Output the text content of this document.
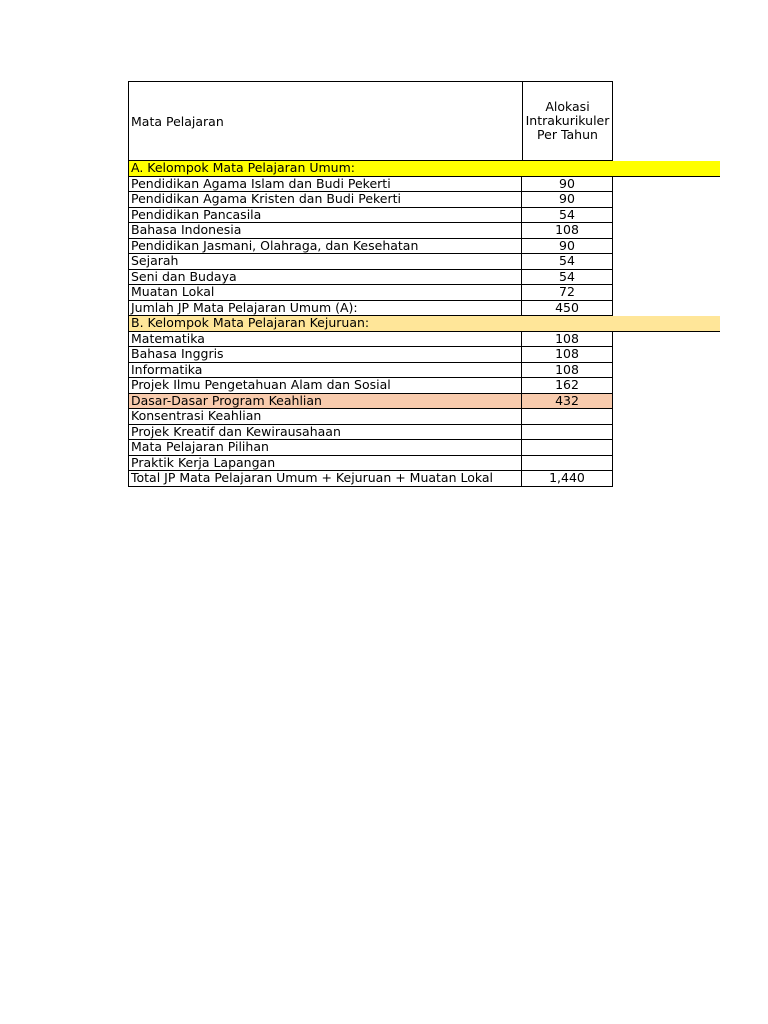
Mata Pelajaran
Alokasi
Intrakurikuler
Per Tahun
A. Kelompok Mata Pelajaran Umum:
Pendidikan Agama Islam dan Budi Pekerti	90
Pendidikan Agama Kristen dan Budi Pekerti	90
Pendidikan Pancasila	54
Bahasa Indonesia	108
Pendidikan Jasmani, Olahraga, dan Kesehatan	90
Sejarah	54
Seni dan Budaya	54
Muatan Lokal	72
Jumlah JP Mata Pelajaran Umum (A):	450
B. Kelompok Mata Pelajaran Kejuruan:
Matematika	108
Bahasa Inggris	108
Informatika	108
Projek Ilmu Pengetahuan Alam dan Sosial	162
Dasar-Dasar Program Keahlian	432
Konsentrasi Keahlian
Projek Kreatif dan Kewirausahaan
Mata Pelajaran Pilihan
Praktik Kerja Lapangan
Total JP Mata Pelajaran Umum + Kejuruan + Muatan Lokal	1,440
